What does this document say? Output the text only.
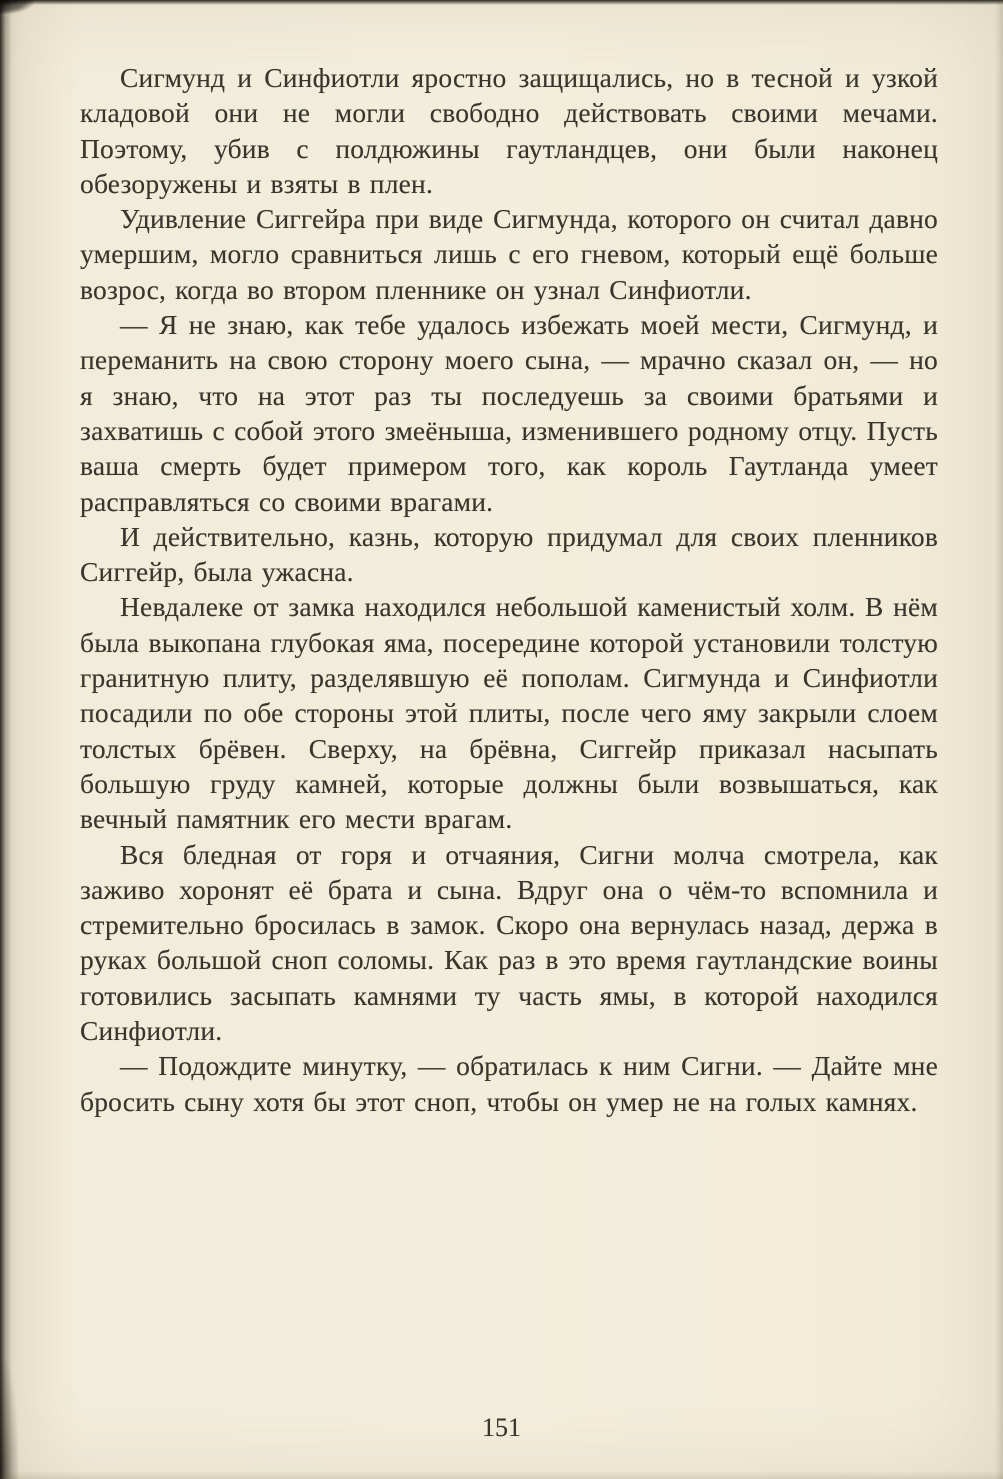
Сигмунд и Синфиотли яростно защищались, но в тесной и узкой кладовой они не могли свободно действовать своими мечами. Поэтому, убив с полдюжины гаутландцев, они были наконец обезоружены и взяты в плен.

Удивление Сиггейра при виде Сигмунда, которого он считал давно умершим, могло сравниться лишь с его гневом, который ещё больше возрос, когда во втором пленнике он узнал Синфиотли.

— Я не знаю, как тебе удалось избежать моей мести, Сигмунд, и переманить на свою сторону моего сына, — мрачно сказал он, — но я знаю, что на этот раз ты последуешь за своими братьями и захватишь с собой этого змеёныша, изменившего родному отцу. Пусть ваша смерть будет примером того, как король Гаутланда умеет расправляться со своими врагами.

И действительно, казнь, которую придумал для своих пленников Сиггейр, была ужасна.

Невдалеке от замка находился небольшой каменистый холм. В нём была выкопана глубокая яма, посередине которой установили толстую гранитную плиту, разделявшую её пополам. Сигмунда и Синфиотли посадили по обе стороны этой плиты, после чего яму закрыли слоем толстых брёвен. Сверху, на брёвна, Сиггейр приказал насыпать большую груду камней, которые должны были возвышаться, как вечный памятник его мести врагам.

Вся бледная от горя и отчаяния, Сигни молча смотрела, как заживо хоронят её брата и сына. Вдруг она о чём-то вспомнила и стремительно бросилась в замок. Скоро она вернулась назад, держа в руках большой сноп соломы. Как раз в это время гаутландские воины готовились засыпать камнями ту часть ямы, в которой находился Синфиотли.

— Подождите минутку, — обратилась к ним Сигни. — Дайте мне бросить сыну хотя бы этот сноп, чтобы он умер не на голых камнях.

151
